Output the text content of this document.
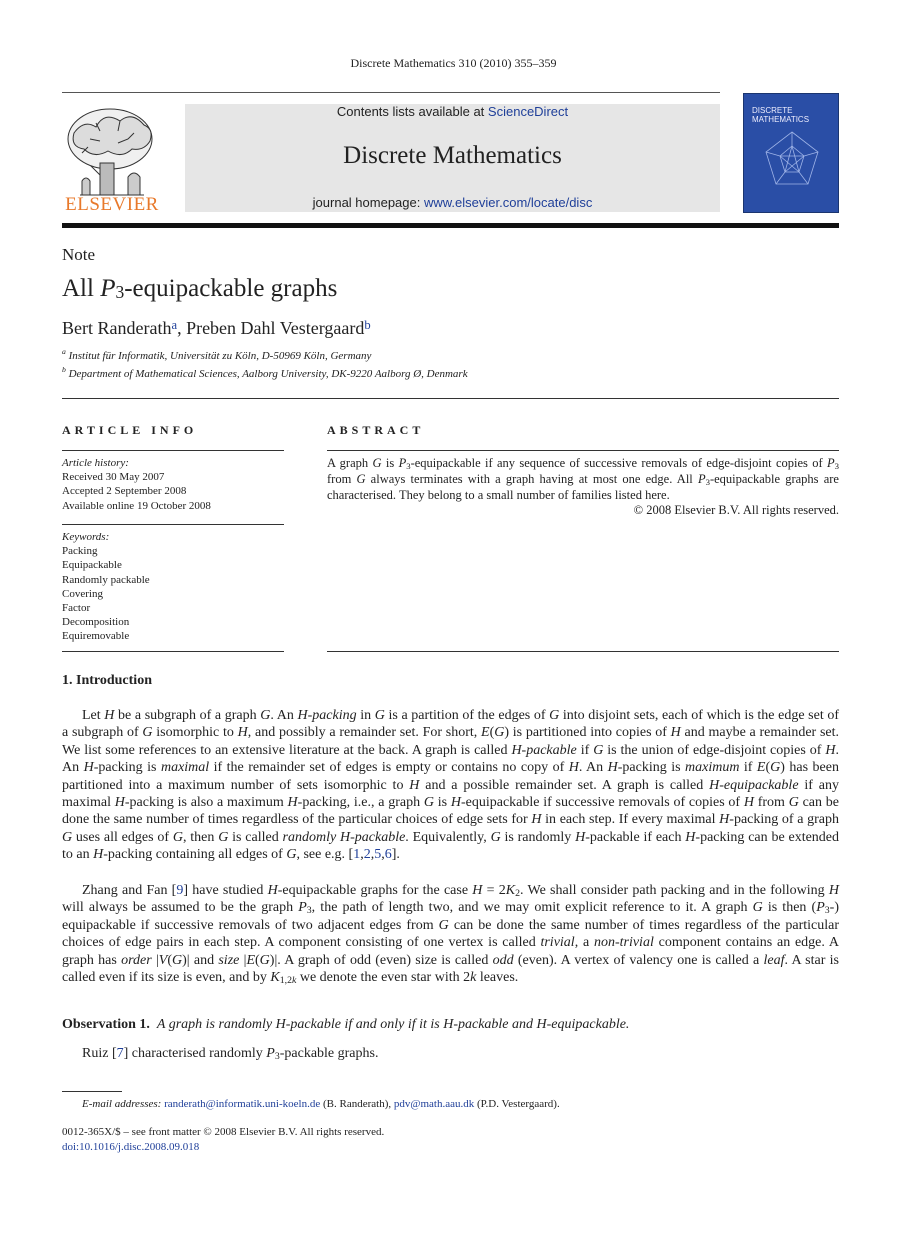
Discrete Mathematics 310 (2010) 355–359
ELSEVIER
Contents lists available at ScienceDirect
Discrete Mathematics
journal homepage: www.elsevier.com/locate/disc
DISCRETE MATHEMATICS
Note
All $P_3$-equipackable graphs
Bert Randerath$^a$, Preben Dahl Vestergaard$^b$
$^a$ Institut für Informatik, Universität zu Köln, D-50969 Köln, Germany
$^b$ Department of Mathematical Sciences, Aalborg University, DK-9220 Aalborg Ø, Denmark
ARTICLE INFO	ABSTRACT
Article history:
Received 30 May 2007
Accepted 2 September 2008
Available online 19 October 2008
Keywords:
Packing
Equipackable
Randomly packable
Covering
Factor
Decomposition
Equiremovable
A graph G is $P_3$-equipackable if any sequence of successive removals of edge-disjoint copies of $P_3$ from G always terminates with a graph having at most one edge. All $P_3$-equipackable graphs are characterised. They belong to a small number of families listed here.
© 2008 Elsevier B.V. All rights reserved.
1. Introduction
Let H be a subgraph of a graph G. An H-packing in G is a partition of the edges of G into disjoint sets, each of which is the edge set of a subgraph of G isomorphic to H, and possibly a remainder set. For short, E(G) is partitioned into copies of H and maybe a remainder set. We list some references to an extensive literature at the back. A graph is called H-packable if G is the union of edge-disjoint copies of H. An H-packing is maximal if the remainder set of edges is empty or contains no copy of H. An H-packing is maximum if E(G) has been partitioned into a maximum number of sets isomorphic to H and a possible remainder set. A graph is called H-equipackable if any maximal H-packing is also a maximum H-packing, i.e., a graph G is H-equipackable if successive removals of copies of H from G can be done the same number of times regardless of the particular choices of edge sets for H in each step. If every maximal H-packing of a graph G uses all edges of G, then G is called randomly H-packable. Equivalently, G is randomly H-packable if each H-packing can be extended to an H-packing containing all edges of G, see e.g. [1,2,5,6].
Zhang and Fan [9] have studied H-equipackable graphs for the case $H = 2K_2$. We shall consider path packing and in the following H will always be assumed to be the graph $P_3$, the path of length two, and we may omit explicit reference to it. A graph G is then $(P_3-)$ equipackable if successive removals of two adjacent edges from G can be done the same number of times regardless of the particular choices of edge pairs in each step. A component consisting of one vertex is called trivial, a non-trivial component contains an edge. A graph has order |V(G)| and size |E(G)|. A graph of odd (even) size is called odd (even). A vertex of valency one is called a leaf. A star is called even if its size is even, and by $K_{1,2k}$ we denote the even star with 2k leaves.
Observation 1. A graph is randomly H-packable if and only if it is H-packable and H-equipackable.
Ruiz [7] characterised randomly $P_3$-packable graphs.
E-mail addresses: randerath@informatik.uni-koeln.de (B. Randerath), pdv@math.aau.dk (P.D. Vestergaard).
0012-365X/$ – see front matter © 2008 Elsevier B.V. All rights reserved.
doi:10.1016/j.disc.2008.09.018
